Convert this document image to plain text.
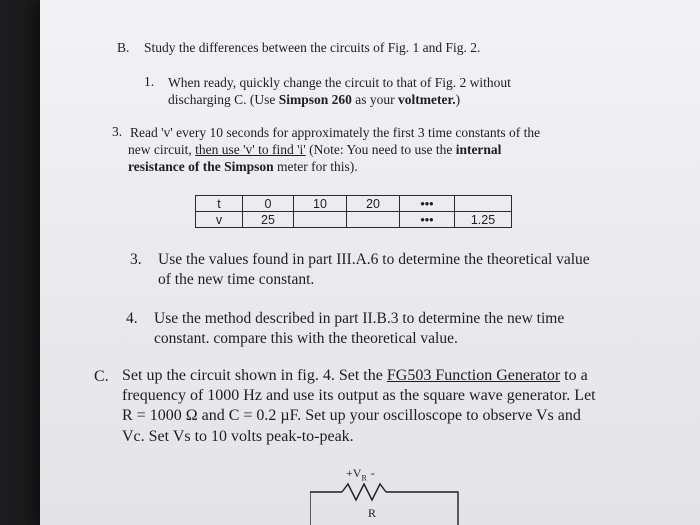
B. Study the differences between the circuits of Fig. 1 and Fig. 2.
1. When ready, quickly change the circuit to that of Fig. 2 without
discharging C. (Use Simpson 260 as your voltmeter.)
3. Read 'v' every 10 seconds for approximately the first 3 time constants of the
new circuit, then use 'v' to find 'i' (Note: You need to use the internal
resistance of the Simpson meter for this).
t	0	10	20	•••	
v	25			•••	1.25
3. Use the values found in part III.A.6 to determine the theoretical value
of the new time constant.
4. Use the method described in part II.B.3 to determine the new time
constant. compare this with the theoretical value.
C. Set up the circuit shown in fig. 4. Set the FG503 Function Generator to a
frequency of 1000 Hz and use its output as the square wave generator. Let
R = 1000 Ω and C = 0.2 µF. Set up your oscilloscope to observe Vs and
Vc. Set Vs to 10 volts peak-to-peak.
$+V_R$ -
R
